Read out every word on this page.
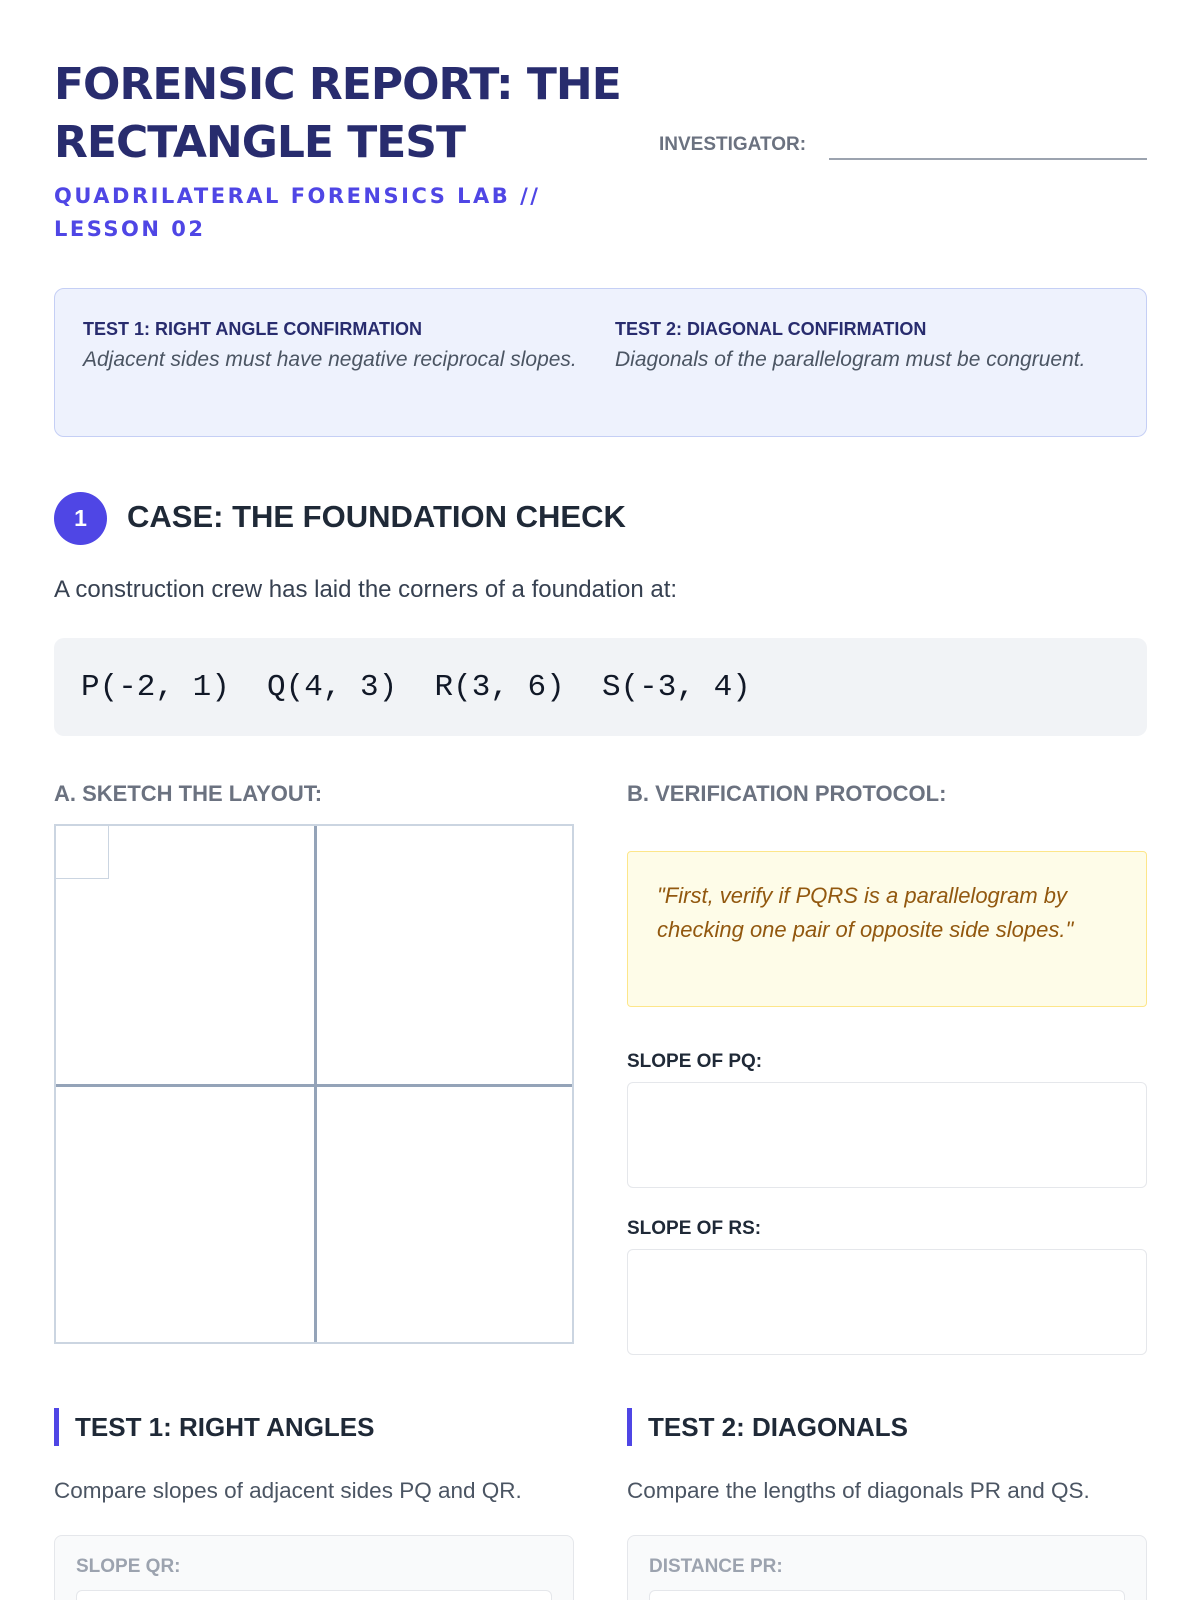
FORENSIC REPORT: THE RECTANGLE TEST
QUADRILATERAL FORENSICS LAB // LESSON 02
INVESTIGATOR:
TEST 1: RIGHT ANGLE CONFIRMATION
Adjacent sides must have negative reciprocal slopes.
TEST 2: DIAGONAL CONFIRMATION
Diagonals of the parallelogram must be congruent.
1	CASE: THE FOUNDATION CHECK
A construction crew has laid the corners of a foundation at:
P(-2, 1) Q(4, 3) R(3, 6) S(-3, 4)
A. SKETCH THE LAYOUT:	B. VERIFICATION PROTOCOL:
"First, verify if PQRS is a parallelogram by checking one pair of opposite side slopes."
SLOPE OF PQ:
SLOPE OF RS:
TEST 1: RIGHT ANGLES	TEST 2: DIAGONALS
Compare slopes of adjacent sides PQ and QR.	Compare the lengths of diagonals PR and QS.
SLOPE QR:	DISTANCE PR:
